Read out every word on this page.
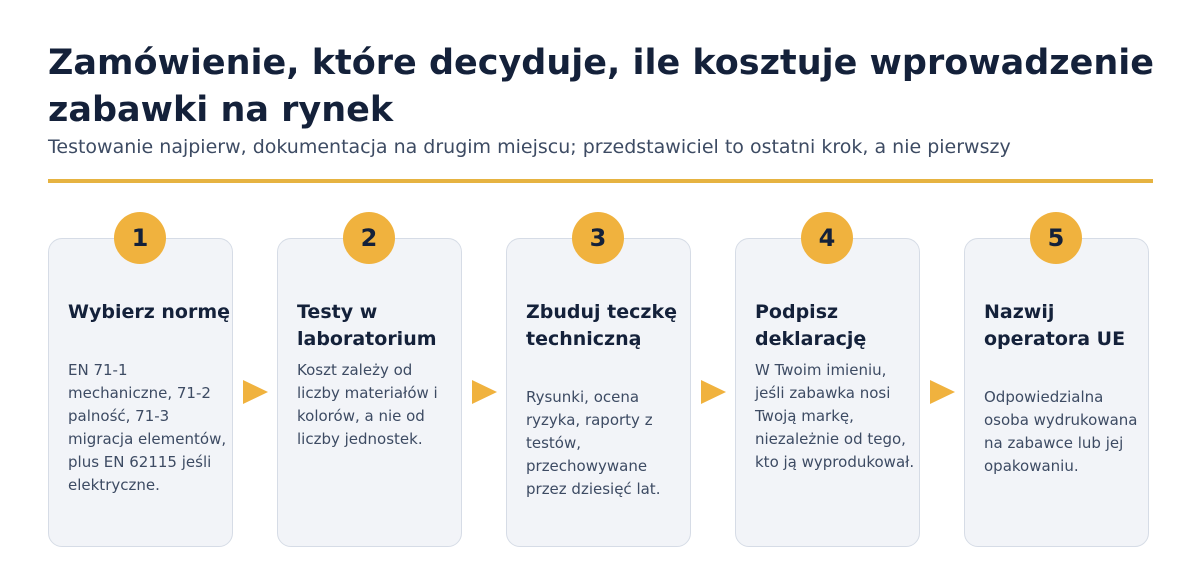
Zamówienie, które decyduje, ile kosztuje wprowadzenie zabawki na rynek
Testowanie najpierw, dokumentacja na drugim miejscu; przedstawiciel to ostatni krok, a nie pierwszy
Wybierz normę
EN 71-1 mechaniczne, 71-2 palność, 71-3 migracja elementów, plus EN 62115 jeśli elektryczne.
1
Testy w laboratorium
Koszt zależy od liczby materiałów i kolorów, a nie od liczby jednostek.
2
Zbuduj teczkę techniczną
Rysunki, ocena ryzyka, raporty z testów, przechowywane przez dziesięć lat.
3
Podpisz deklarację
W Twoim imieniu, jeśli zabawka nosi Twoją markę, niezależnie od tego, kto ją wyprodukował.
4
Nazwij operatora UE
Odpowiedzialna osoba wydrukowana na zabawce lub jej opakowaniu.
5
